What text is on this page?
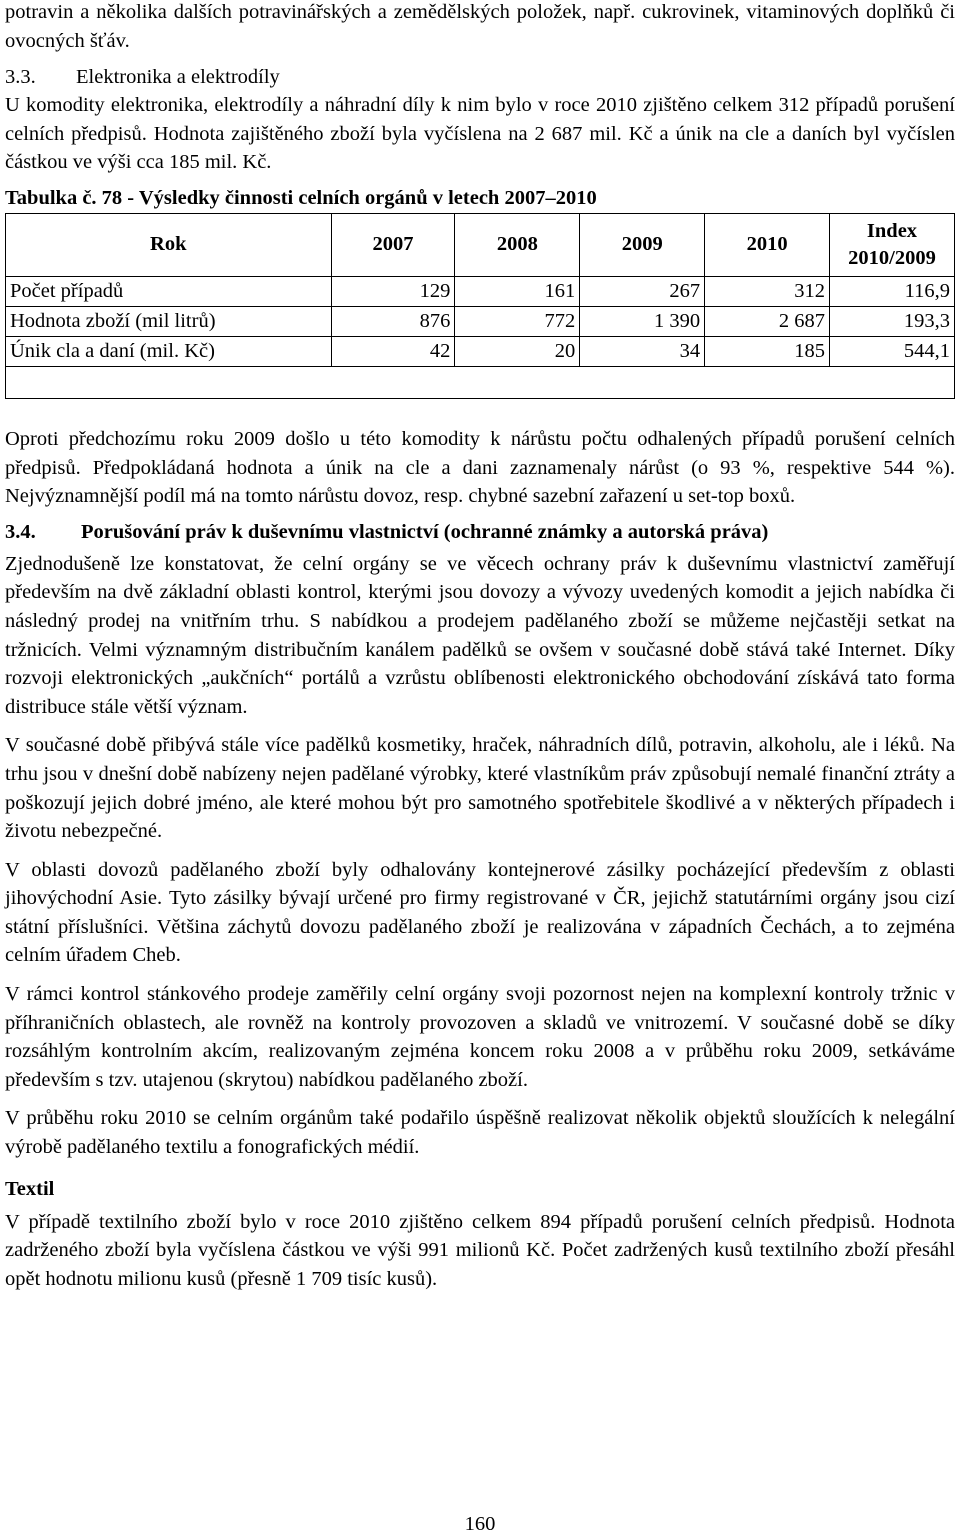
potravin a několika dalších potravinářských a zemědělských položek, např. cukrovinek, vitaminových doplňků či ovocných šťáv.

3.3. Elektronika a elektrodíly

U komodity elektronika, elektrodíly a náhradní díly k nim bylo v roce 2010 zjištěno celkem 312 případů porušení celních předpisů. Hodnota zajištěného zboží byla vyčíslena na 2 687 mil. Kč a únik na cle a daních byl vyčíslen částkou ve výši cca 185 mil. Kč.

Tabulka č. 78 - Výsledky činnosti celních orgánů v letech 2007–2010
Rok	2007	2008	2009	2010	Index
2010/2009
Počet případů	129	161	267	312	116,9
Hodnota zboží (mil litrů)	876	772	1 390	2 687	193,3
Únik cla a daní (mil. Kč)	42	20	34	185	544,1

Oproti předchozímu roku 2009 došlo u této komodity k nárůstu počtu odhalených případů porušení celních předpisů. Předpokládaná hodnota a únik na cle a dani zaznamenaly nárůst (o 93 %, respektive 544 %). Nejvýznamnější podíl má na tomto nárůstu dovoz, resp. chybné sazební zařazení u set-top boxů.

3.4. Porušování práv k duševnímu vlastnictví (ochranné známky a autorská práva)

Zjednodušeně lze konstatovat, že celní orgány se ve věcech ochrany práv k duševnímu vlastnictví zaměřují především na dvě základní oblasti kontrol, kterými jsou dovozy a vývozy uvedených komodit a jejich nabídka či následný prodej na vnitřním trhu. S nabídkou a prodejem padělaného zboží se můžeme nejčastěji setkat na tržnicích. Velmi významným distribučním kanálem padělků se ovšem v současné době stává také Internet. Díky rozvoji elektronických „aukčních“ portálů a vzrůstu oblíbenosti elektronického obchodování získává tato forma distribuce stále větší význam.

V současné době přibývá stále více padělků kosmetiky, hraček, náhradních dílů, potravin, alkoholu, ale i léků. Na trhu jsou v dnešní době nabízeny nejen padělané výrobky, které vlastníkům práv způsobují nemalé finanční ztráty a poškozují jejich dobré jméno, ale které mohou být pro samotného spotřebitele škodlivé a v některých případech i životu nebezpečné.

V oblasti dovozů padělaného zboží byly odhalovány kontejnerové zásilky pocházející především z oblasti jihovýchodní Asie. Tyto zásilky bývají určené pro firmy registrované v ČR, jejichž statutárními orgány jsou cizí státní příslušníci. Většina záchytů dovozu padělaného zboží je realizována v západních Čechách, a to zejména celním úřadem Cheb.

V rámci kontrol stánkového prodeje zaměřily celní orgány svoji pozornost nejen na komplexní kontroly tržnic v příhraničních oblastech, ale rovněž na kontroly provozoven a skladů ve vnitrozemí. V současné době se díky rozsáhlým kontrolním akcím, realizovaným zejména koncem roku 2008 a v průběhu roku 2009, setkáváme především s tzv. utajenou (skrytou) nabídkou padělaného zboží.

V průběhu roku 2010 se celním orgánům také podařilo úspěšně realizovat několik objektů sloužících k nelegální výrobě padělaného textilu a fonografických médií.

Textil

V případě textilního zboží bylo v roce 2010 zjištěno celkem 894 případů porušení celních předpisů. Hodnota zadrženého zboží byla vyčíslena částkou ve výši 991 milionů Kč. Počet zadržených kusů textilního zboží přesáhl opět hodnotu milionu kusů (přesně 1 709 tisíc kusů).

160
